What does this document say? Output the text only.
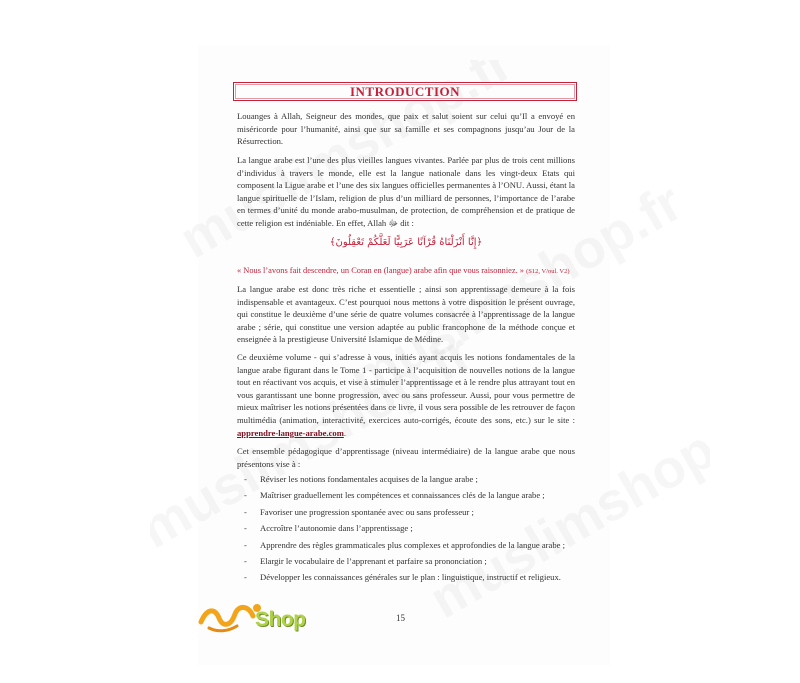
INTRODUCTION
Louanges à Allah, Seigneur des mondes, que paix et salut soient sur celui qu’Il a envoyé en miséricorde pour l’humanité, ainsi que sur sa famille et ses compagnons jusqu’au Jour de la Résurrection.
La langue arabe est l’une des plus vieilles langues vivantes. Parlée par plus de trois cent millions d’individus à travers le monde, elle est la langue nationale dans les vingt-deux Etats qui composent la Ligue arabe et l’une des six langues officielles permanentes à l’ONU. Aussi, étant la langue spirituelle de l’Islam, religion de plus d’un milliard de personnes, l’importance de l’arabe en termes d’unité du monde arabo-musulman, de protection, de compréhension et de pratique de cette religion est indéniable. En effet, Allah ﷻ dit :
﴿إِنَّا أَنْزَلْنَاهُ قُرْآنًا عَرَبِيًّا لَعَلَّكُمْ تَعْقِلُونَ﴾
« Nous l’avons fait descendre, un Coran en (langue) arabe afin que vous raisonniez. » (S12, V/oul. V2)
La langue arabe est donc très riche et essentielle ; ainsi son apprentissage demeure à la fois indispensable et avantageux. C’est pourquoi nous mettons à votre disposition le présent ouvrage, qui constitue le deuxième d’une série de quatre volumes consacrée à l’apprentissage de la langue arabe ; série, qui constitue une version adaptée au public francophone de la méthode conçue et enseignée à la prestigieuse Université Islamique de Médine.
Ce deuxième volume - qui s’adresse à vous, initiés ayant acquis les notions fondamentales de la langue arabe figurant dans le Tome 1 - participe à l’acquisition de nouvelles notions de la langue tout en réactivant vos acquis, et vise à stimuler l’apprentissage et à le rendre plus attrayant tout en vous garantissant une bonne progression, avec ou sans professeur. Aussi, pour vous permettre de mieux maîtriser les notions présentées dans ce livre, il vous sera possible de les retrouver de façon multimédia (animation, interactivité, exercices auto-corrigés, écoute des sons, etc.) sur le site : apprendre-langue-arabe.com.
Cet ensemble pédagogique d’apprentissage (niveau intermédiaire) de la langue arabe que nous présentons vise à :
-	Réviser les notions fondamentales acquises de la langue arabe ;
-	Maîtriser graduellement les compétences et connaissances clés de la langue arabe ;
-	Favoriser une progression spontanée avec ou sans professeur ;
-	Accroître l’autonomie dans l’apprentissage ;
-	Apprendre des règles grammaticales plus complexes et approfondies de la langue arabe ;
-	Elargir le vocabulaire de l’apprenant et parfaire sa prononciation ;
-	Développer les connaissances générales sur le plan : linguistique, instructif et religieux.
15
Shop
